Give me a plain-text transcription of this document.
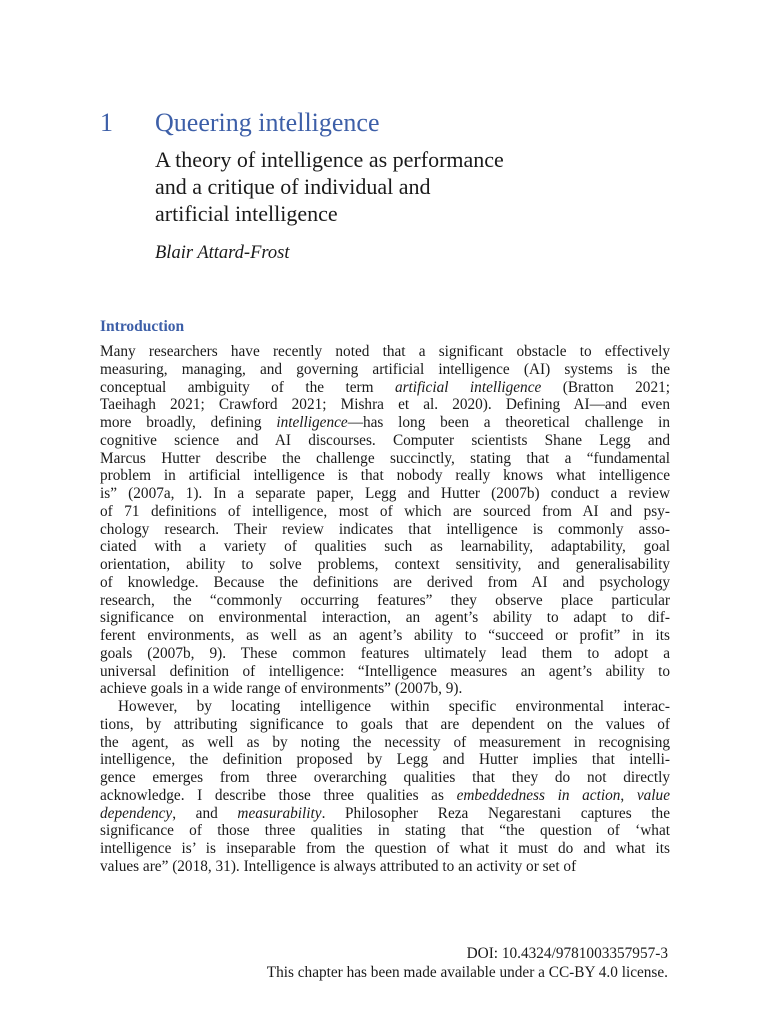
1 Queering intelligence
A theory of intelligence as performance
and a critique of individual and
artificial intelligence
Blair Attard-Frost
Introduction
Many researchers have recently noted that a significant obstacle to effectively
measuring, managing, and governing artificial intelligence (AI) systems is the
conceptual ambiguity of the term artificial intelligence (Bratton 2021;
Taeihagh 2021; Crawford 2021; Mishra et al. 2020). Defining AI—and even
more broadly, defining intelligence—has long been a theoretical challenge in
cognitive science and AI discourses. Computer scientists Shane Legg and
Marcus Hutter describe the challenge succinctly, stating that a “fundamental
problem in artificial intelligence is that nobody really knows what intelligence
is” (2007a, 1). In a separate paper, Legg and Hutter (2007b) conduct a review
of 71 definitions of intelligence, most of which are sourced from AI and psy-
chology research. Their review indicates that intelligence is commonly asso-
ciated with a variety of qualities such as learnability, adaptability, goal
orientation, ability to solve problems, context sensitivity, and generalisability
of knowledge. Because the definitions are derived from AI and psychology
research, the “commonly occurring features” they observe place particular
significance on environmental interaction, an agent’s ability to adapt to dif-
ferent environments, as well as an agent’s ability to “succeed or profit” in its
goals (2007b, 9). These common features ultimately lead them to adopt a
universal definition of intelligence: “Intelligence measures an agent’s ability to
achieve goals in a wide range of environments” (2007b, 9).
However, by locating intelligence within specific environmental interac-
tions, by attributing significance to goals that are dependent on the values of
the agent, as well as by noting the necessity of measurement in recognising
intelligence, the definition proposed by Legg and Hutter implies that intelli-
gence emerges from three overarching qualities that they do not directly
acknowledge. I describe those three qualities as embeddedness in action, value
dependency, and measurability. Philosopher Reza Negarestani captures the
significance of those three qualities in stating that “the question of ‘what
intelligence is’ is inseparable from the question of what it must do and what its
values are” (2018, 31). Intelligence is always attributed to an activity or set of
DOI: 10.4324/9781003357957-3
This chapter has been made available under a CC-BY 4.0 license.
